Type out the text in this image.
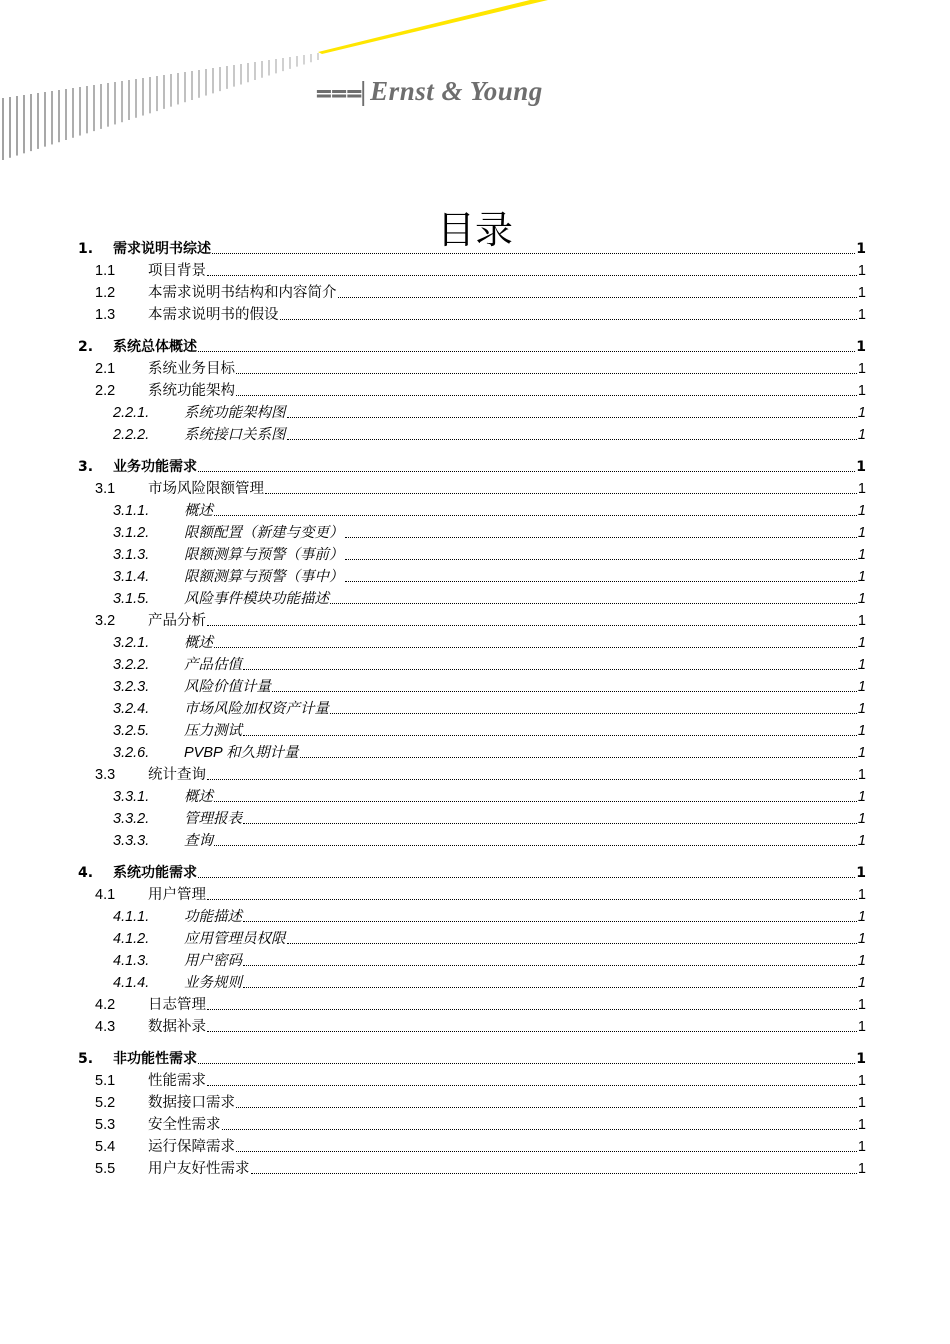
⩶| Ernst & Young
目录
1.	需求说明书综述	1
1.1	项目背景	1
1.2	本需求说明书结构和内容简介	1
1.3	本需求说明书的假设	1
2.	系统总体概述	1
2.1	系统业务目标	1
2.2	系统功能架构	1
2.2.1.	系统功能架构图	1
2.2.2.	系统接口关系图	1
3.	业务功能需求	1
3.1	市场风险限额管理	1
3.1.1.	概述	1
3.1.2.	限额配置（新建与变更）	1
3.1.3.	限额测算与预警（事前）	1
3.1.4.	限额测算与预警（事中）	1
3.1.5.	风险事件模块功能描述	1
3.2	产品分析	1
3.2.1.	概述	1
3.2.2.	产品估值	1
3.2.3.	风险价值计量	1
3.2.4.	市场风险加权资产计量	1
3.2.5.	压力测试	1
3.2.6.	PVBP 和久期计量	1
3.3	统计查询	1
3.3.1.	概述	1
3.3.2.	管理报表	1
3.3.3.	查询	1
4.	系统功能需求	1
4.1	用户管理	1
4.1.1.	功能描述	1
4.1.2.	应用管理员权限	1
4.1.3.	用户密码	1
4.1.4.	业务规则	1
4.2	日志管理	1
4.3	数据补录	1
5.	非功能性需求	1
5.1	性能需求	1
5.2	数据接口需求	1
5.3	安全性需求	1
5.4	运行保障需求	1
5.5	用户友好性需求	1
